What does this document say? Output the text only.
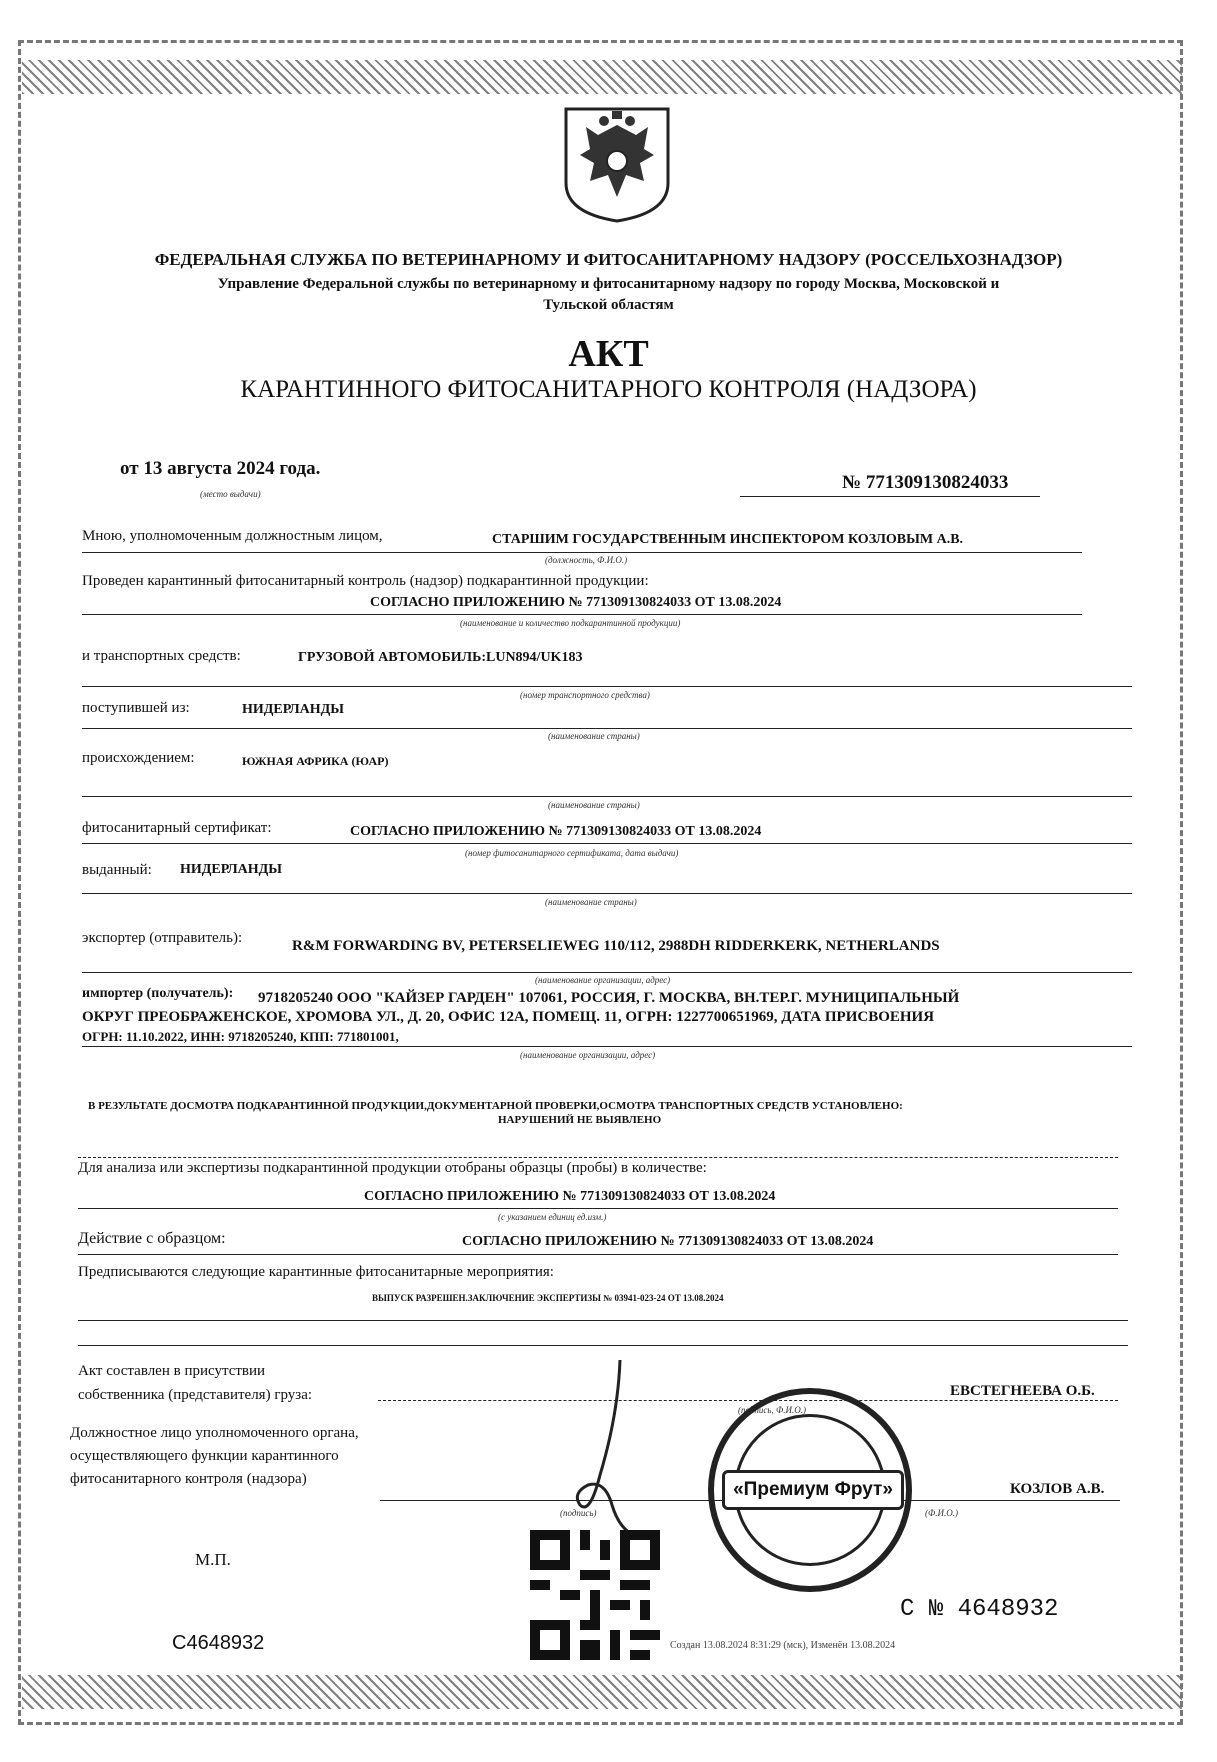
ФЕДЕРАЛЬНАЯ СЛУЖБА ПО ВЕТЕРИНАРНОМУ И ФИТОСАНИТАРНОМУ НАДЗОРУ (РОССЕЛЬХОЗНАДЗОР)
Управление Федеральной службы по ветеринарному и фитосанитарному надзору по городу Москва, Московской и
Тульской областям
АКТ
КАРАНТИННОГО ФИТОСАНИТАРНОГО КОНТРОЛЯ (НАДЗОРА)
от 13 августа 2024 года.
(место выдачи)
№ 771309130824033
Мною, уполномоченным должностным лицом,	СТАРШИМ ГОСУДАРСТВЕННЫМ ИНСПЕКТОРОМ КОЗЛОВЫМ А.В.
(должность, Ф.И.О.)
Проведен карантинный фитосанитарный контроль (надзор) подкарантинной продукции:
СОГЛАСНО ПРИЛОЖЕНИЮ № 771309130824033 ОТ 13.08.2024
(наименование и количество подкарантинной продукции)
и транспортных средств:	ГРУЗОВОЙ АВТОМОБИЛЬ:LUN894/UK183
(номер транспортного средства)
поступившей из:	НИДЕРЛАНДЫ
(наименование страны)
происхождением:	ЮЖНАЯ АФРИКА (ЮАР)
(наименование страны)
фитосанитарный сертификат:	СОГЛАСНО ПРИЛОЖЕНИЮ № 771309130824033 ОТ 13.08.2024
(номер фитосанитарного сертификата, дата выдачи)
выданный: НИДЕРЛАНДЫ
(наименование страны)
экспортер (отправитель):	R&M FORWARDING BV, PETERSELIEWEG 110/112, 2988DH RIDDERKERK, NETHERLANDS
(наименование организации, адрес)
импортер (получатель): 9718205240 ООО "КАЙЗЕР ГАРДЕН" 107061, РОССИЯ, Г. МОСКВА, ВН.ТЕР.Г. МУНИЦИПАЛЬНЫЙ
ОКРУГ ПРЕОБРАЖЕНСКОЕ, ХРОМОВА УЛ., Д. 20, ОФИС 12А, ПОМЕЩ. 11, ОГРН: 1227700651969, ДАТА ПРИСВОЕНИЯ
ОГРН: 11.10.2022, ИНН: 9718205240, КПП: 771801001,
(наименование организации, адрес)
В РЕЗУЛЬТАТЕ ДОСМОТРА ПОДКАРАНТИННОЙ ПРОДУКЦИИ,ДОКУМЕНТАРНОЙ ПРОВЕРКИ,ОСМОТРА ТРАНСПОРТНЫХ СРЕДСТВ УСТАНОВЛЕНО:
НАРУШЕНИЙ НЕ ВЫЯВЛЕНО
Для анализа или экспертизы подкарантинной продукции отобраны образцы (пробы) в количестве:
СОГЛАСНО ПРИЛОЖЕНИЮ № 771309130824033 ОТ 13.08.2024
(с указанием единиц ед.изм.)
Действие с образцом:	СОГЛАСНО ПРИЛОЖЕНИЮ № 771309130824033 ОТ 13.08.2024
Предписываются следующие карантинные фитосанитарные мероприятия:
ВЫПУСК РАЗРЕШЕН.ЗАКЛЮЧЕНИЕ ЭКСПЕРТИЗЫ № 03941-023-24 ОТ 13.08.2024
Акт составлен в присутствии
собственника (представителя) груза:	ЕВСТЕГНЕЕВА О.Б.
(подпись, Ф.И.О.)
Должностное лицо уполномоченного органа,
осуществляющего функции карантинного
фитосанитарного контроля (надзора)
КОЗЛОВ А.В.
(подпись)	(Ф.И.О.)
М.П.
«Премиум Фрут»
C4648932
С № 4648932
Создан 13.08.2024 8:31:29 (мск), Изменён 13.08.2024
